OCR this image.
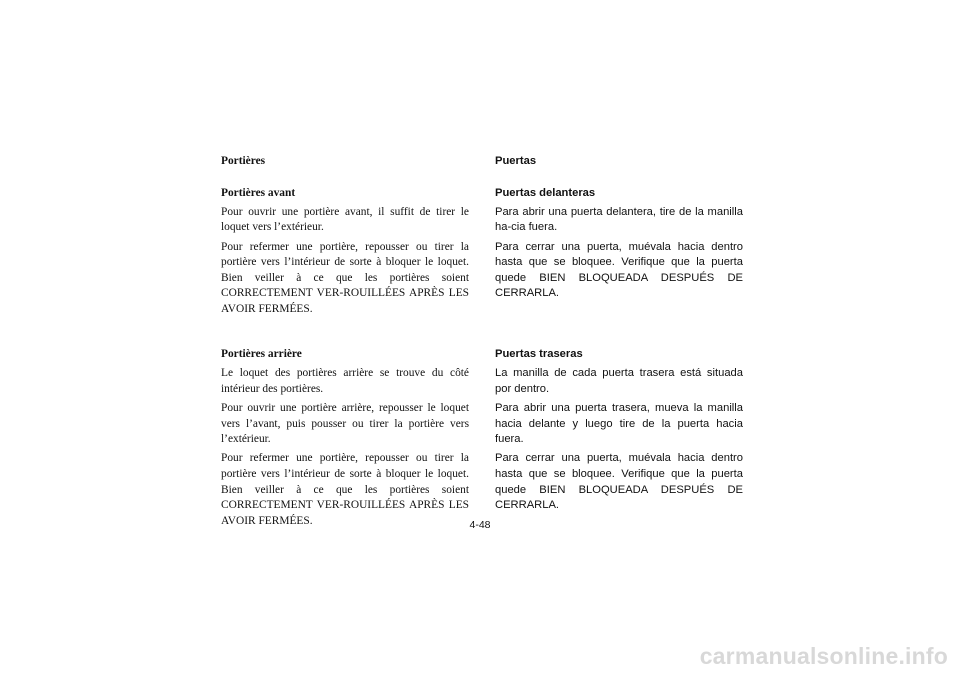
Portières

Portières avant

Pour ouvrir une portière avant, il suffit de tirer le loquet vers l’extérieur.

Pour refermer une portière, repousser ou tirer la portière vers l’intérieur de sorte à bloquer le loquet. Bien veiller à ce que les portières soient CORRECTEMENT VER-ROUILLÉES APRÈS LES AVOIR FERMÉES.

Puertas

Puertas delanteras

Para abrir una puerta delantera, tire de la manilla ha-cia fuera.

Para cerrar una puerta, muévala hacia dentro hasta que se bloquee. Verifique que la puerta quede BIEN BLOQUEADA DESPUÉS DE CERRARLA.

Portières arrière

Le loquet des portières arrière se trouve du côté intérieur des portières.

Pour ouvrir une portière arrière, repousser le loquet vers l’avant, puis pousser ou tirer la portière vers l’extérieur.

Pour refermer une portière, repousser ou tirer la portière vers l’intérieur de sorte à bloquer le loquet. Bien veiller à ce que les portières soient CORRECTEMENT VER-ROUILLÉES APRÈS LES AVOIR FERMÉES.

Puertas traseras

La manilla de cada puerta trasera está situada por dentro.

Para abrir una puerta trasera, mueva la manilla hacia delante y luego tire de la puerta hacia fuera.

Para cerrar una puerta, muévala hacia dentro hasta que se bloquee. Verifique que la puerta quede BIEN BLOQUEADA DESPUÉS DE CERRARLA.

4-48
carmanualsonline.info
